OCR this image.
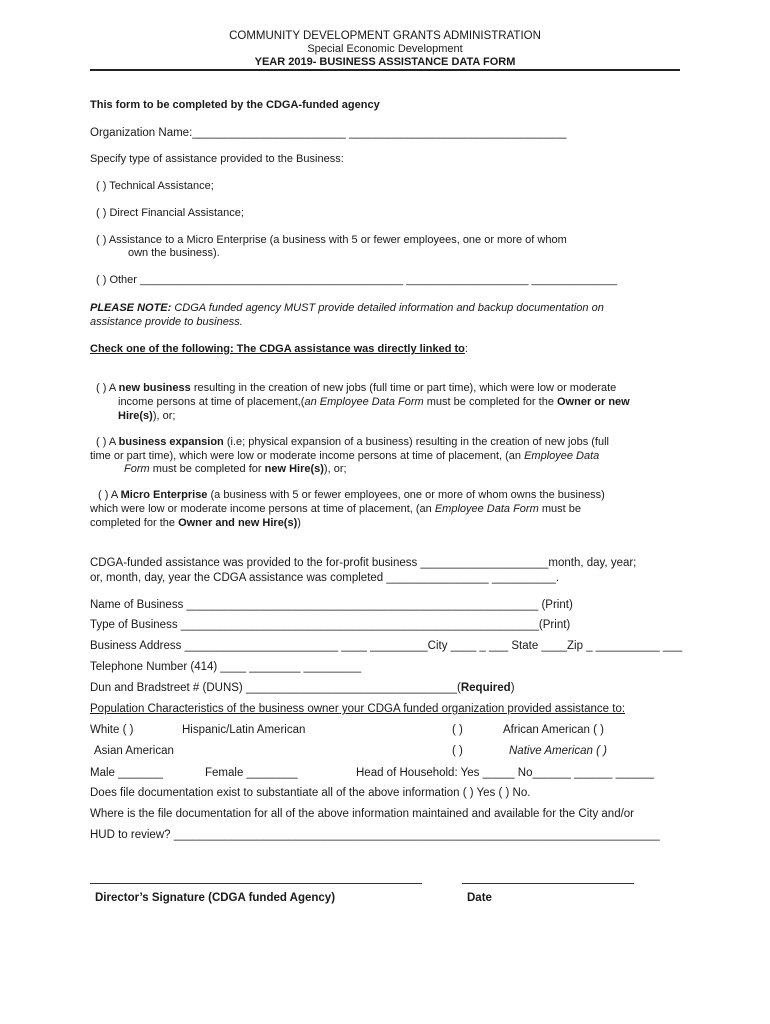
COMMUNITY DEVELOPMENT GRANTS ADMINISTRATION
Special Economic Development
YEAR 2019- BUSINESS ASSISTANCE DATA FORM
This form to be completed by the CDGA-funded agency
Organization Name:________________________ __________________________________
Specify type of assistance provided to the Business:
( ) Technical Assistance;
( ) Direct Financial Assistance;
( ) Assistance to a Micro Enterprise (a business with 5 or fewer employees, one or more of whom
own the business).
( ) Other ___________________________________________ ____________________ ______________
PLEASE NOTE: CDGA funded agency MUST provide detailed information and backup documentation on
assistance provide to business.
Check one of the following: The CDGA assistance was directly linked to:
( ) A new business resulting in the creation of new jobs (full time or part time), which were low or moderate
income persons at time of placement,(an Employee Data Form must be completed for the Owner or new
Hire(s)), or;
( ) A business expansion (i.e; physical expansion of a business) resulting in the creation of new jobs (full
time or part time), which were low or moderate income persons at time of placement, (an Employee Data
Form must be completed for new Hire(s)), or;
( ) A Micro Enterprise (a business with 5 or fewer employees, one or more of whom owns the business)
which were low or moderate income persons at time of placement, (an Employee Data Form must be
completed for the Owner and new Hire(s))
CDGA-funded assistance was provided to the for-profit business ____________________month, day, year;
or, month, day, year the CDGA assistance was completed ________________ __________.
Name of Business _______________________________________________________ (Print)
Type of Business ________________________________________________________(Print)
Business Address ________________________ ____ _________City ____ _ ___ State ____Zip _ __________ ___
Telephone Number (414) ____ ________ _________
Dun and Bradstreet # (DUNS) _________________________________(Required)
Population Characteristics of the business owner your CDGA funded organization provided assistance to:
White ( )	Hispanic/Latin American	( )	African American ( )
Asian American	( )	Native American ( )
Male _______	Female ________	Head of Household: Yes _____ No______ ______ ______
Does file documentation exist to substantiate all of the above information ( ) Yes ( ) No.
Where is the file documentation for all of the above information maintained and available for the City and/or
HUD to review? ____________________________________________________________________________
Director’s Signature (CDGA funded Agency)	Date
